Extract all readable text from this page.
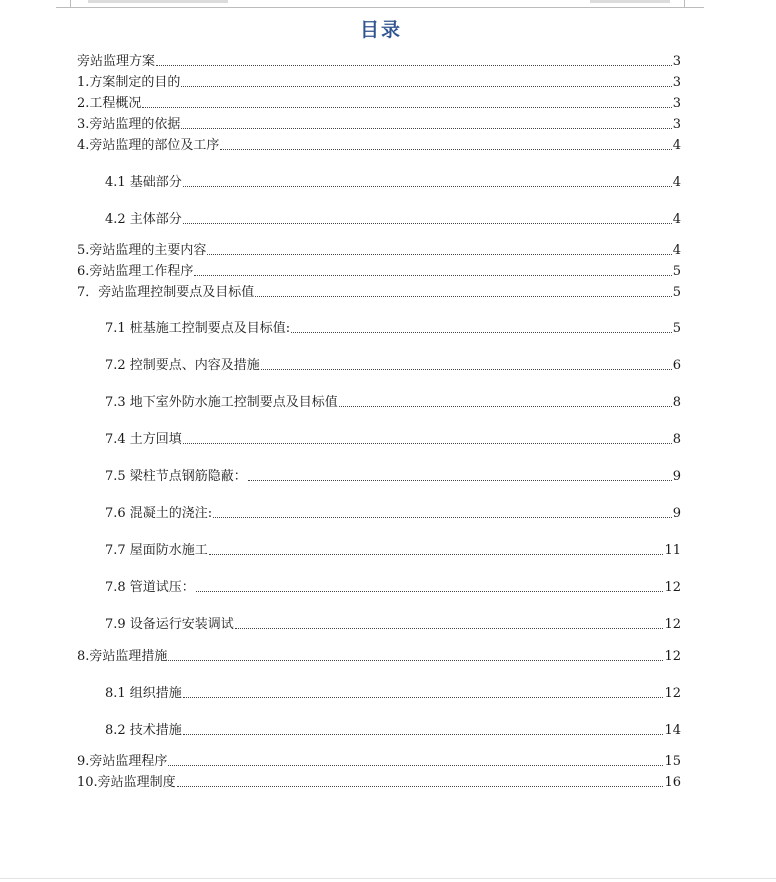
目录
旁站监理方案	3
1.方案制定的目的	3
2.工程概况	3
3.旁站监理的依据	3
4.旁站监理的部位及工序	4
4.1 基础部分	4
4.2 主体部分	4
5.旁站监理的主要内容	4
6.旁站监理工作程序	5
7．旁站监理控制要点及目标值	5
7.1 桩基施工控制要点及目标值:	5
7.2 控制要点、内容及措施	6
7.3 地下室外防水施工控制要点及目标值	8
7.4 土方回填	8
7.5 梁柱节点钢筋隐蔽：	9
7.6 混凝土的浇注:	9
7.7 屋面防水施工	11
7.8 管道试压：	12
7.9 设备运行安装调试	12
8.旁站监理措施	12
8.1 组织措施	12
8.2 技术措施	14
9.旁站监理程序	15
10.旁站监理制度	16
